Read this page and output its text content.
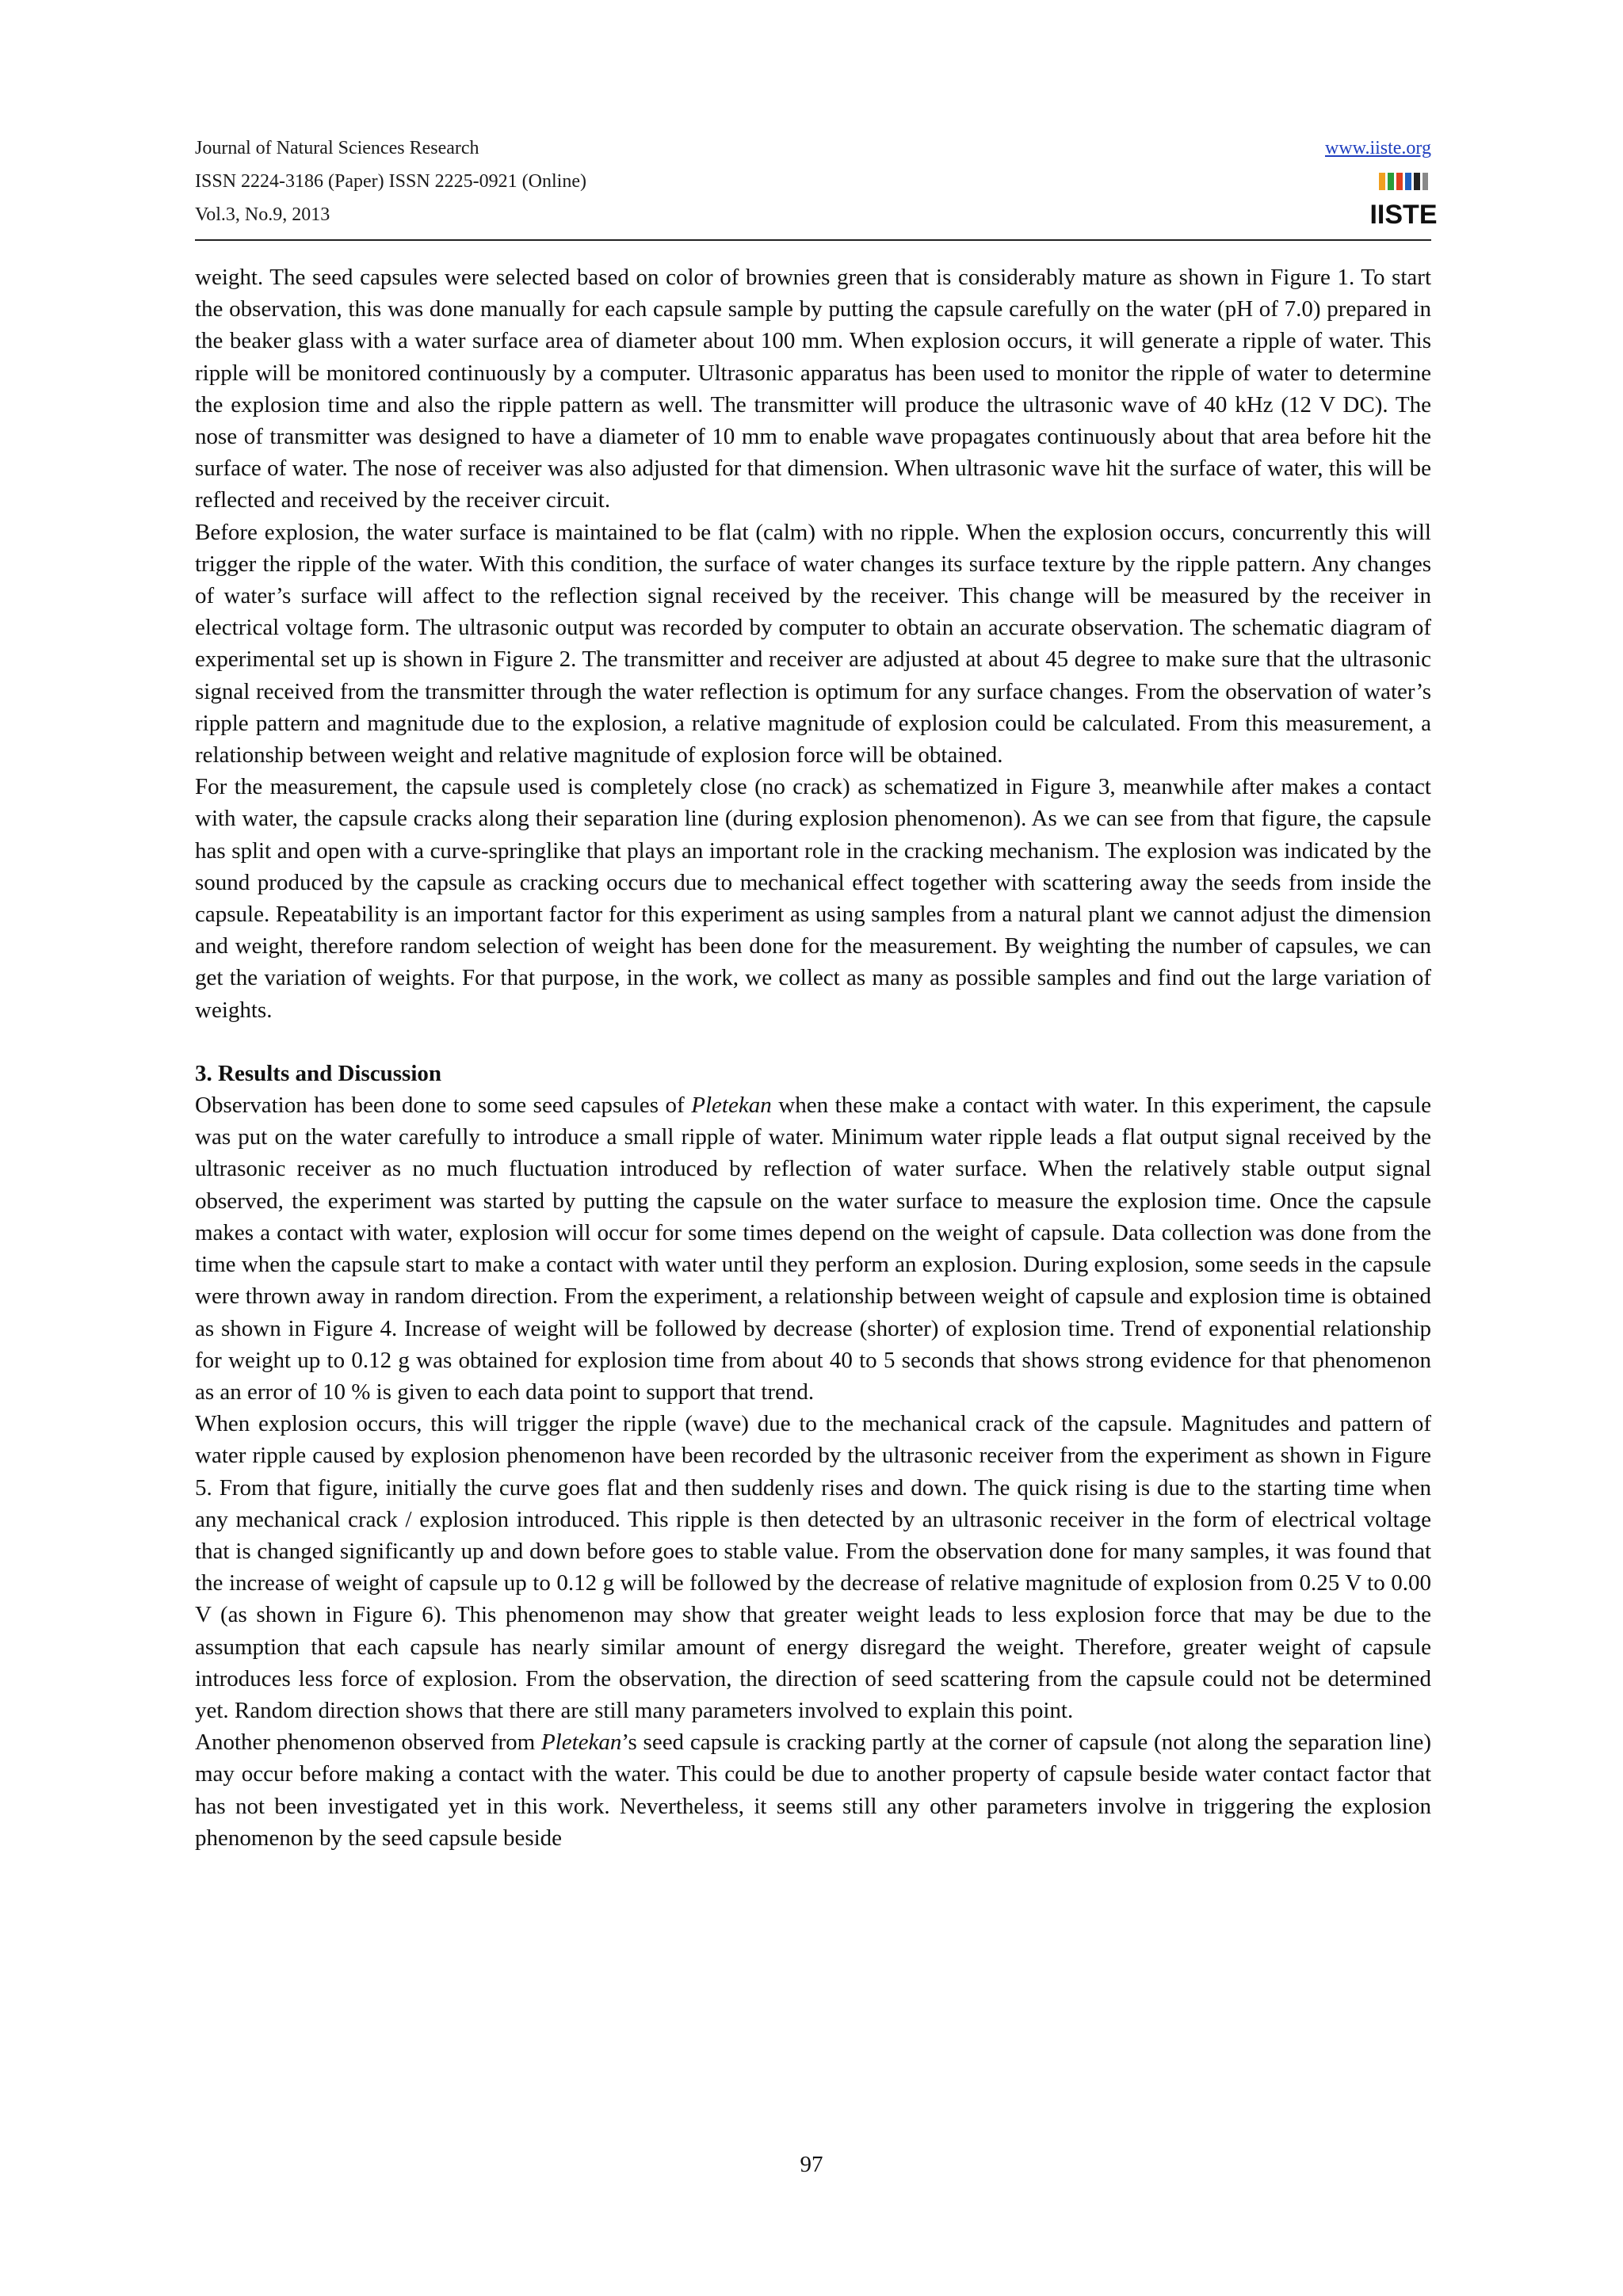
Journal of Natural Sciences Research
ISSN 2224-3186 (Paper) ISSN 2225-0921 (Online)
Vol.3, No.9, 2013
www.iiste.org
IISTE

weight. The seed capsules were selected based on color of brownies green that is considerably mature as shown in Figure 1. To start the observation, this was done manually for each capsule sample by putting the capsule carefully on the water (pH of 7.0) prepared in the beaker glass with a water surface area of diameter about 100 mm. When explosion occurs, it will generate a ripple of water. This ripple will be monitored continuously by a computer. Ultrasonic apparatus has been used to monitor the ripple of water to determine the explosion time and also the ripple pattern as well. The transmitter will produce the ultrasonic wave of 40 kHz (12 V DC). The nose of transmitter was designed to have a diameter of 10 mm to enable wave propagates continuously about that area before hit the surface of water. The nose of receiver was also adjusted for that dimension. When ultrasonic wave hit the surface of water, this will be reflected and received by the receiver circuit.

Before explosion, the water surface is maintained to be flat (calm) with no ripple. When the explosion occurs, concurrently this will trigger the ripple of the water. With this condition, the surface of water changes its surface texture by the ripple pattern. Any changes of water’s surface will affect to the reflection signal received by the receiver. This change will be measured by the receiver in electrical voltage form. The ultrasonic output was recorded by computer to obtain an accurate observation. The schematic diagram of experimental set up is shown in Figure 2. The transmitter and receiver are adjusted at about 45 degree to make sure that the ultrasonic signal received from the transmitter through the water reflection is optimum for any surface changes. From the observation of water’s ripple pattern and magnitude due to the explosion, a relative magnitude of explosion could be calculated. From this measurement, a relationship between weight and relative magnitude of explosion force will be obtained.

For the measurement, the capsule used is completely close (no crack) as schematized in Figure 3, meanwhile after makes a contact with water, the capsule cracks along their separation line (during explosion phenomenon). As we can see from that figure, the capsule has split and open with a curve-springlike that plays an important role in the cracking mechanism. The explosion was indicated by the sound produced by the capsule as cracking occurs due to mechanical effect together with scattering away the seeds from inside the capsule. Repeatability is an important factor for this experiment as using samples from a natural plant we cannot adjust the dimension and weight, therefore random selection of weight has been done for the measurement. By weighting the number of capsules, we can get the variation of weights. For that purpose, in the work, we collect as many as possible samples and find out the large variation of weights.

3. Results and Discussion

Observation has been done to some seed capsules of Pletekan when these make a contact with water. In this experiment, the capsule was put on the water carefully to introduce a small ripple of water. Minimum water ripple leads a flat output signal received by the ultrasonic receiver as no much fluctuation introduced by reflection of water surface. When the relatively stable output signal observed, the experiment was started by putting the capsule on the water surface to measure the explosion time. Once the capsule makes a contact with water, explosion will occur for some times depend on the weight of capsule. Data collection was done from the time when the capsule start to make a contact with water until they perform an explosion. During explosion, some seeds in the capsule were thrown away in random direction. From the experiment, a relationship between weight of capsule and explosion time is obtained as shown in Figure 4. Increase of weight will be followed by decrease (shorter) of explosion time. Trend of exponential relationship for weight up to 0.12 g was obtained for explosion time from about 40 to 5 seconds that shows strong evidence for that phenomenon as an error of 10 % is given to each data point to support that trend.

When explosion occurs, this will trigger the ripple (wave) due to the mechanical crack of the capsule. Magnitudes and pattern of water ripple caused by explosion phenomenon have been recorded by the ultrasonic receiver from the experiment as shown in Figure 5. From that figure, initially the curve goes flat and then suddenly rises and down. The quick rising is due to the starting time when any mechanical crack / explosion introduced. This ripple is then detected by an ultrasonic receiver in the form of electrical voltage that is changed significantly up and down before goes to stable value. From the observation done for many samples, it was found that the increase of weight of capsule up to 0.12 g will be followed by the decrease of relative magnitude of explosion from 0.25 V to 0.00 V (as shown in Figure 6). This phenomenon may show that greater weight leads to less explosion force that may be due to the assumption that each capsule has nearly similar amount of energy disregard the weight. Therefore, greater weight of capsule introduces less force of explosion. From the observation, the direction of seed scattering from the capsule could not be determined yet. Random direction shows that there are still many parameters involved to explain this point.

Another phenomenon observed from Pletekan’s seed capsule is cracking partly at the corner of capsule (not along the separation line) may occur before making a contact with the water. This could be due to another property of capsule beside water contact factor that has not been investigated yet in this work. Nevertheless, it seems still any other parameters involve in triggering the explosion phenomenon by the seed capsule beside

97
